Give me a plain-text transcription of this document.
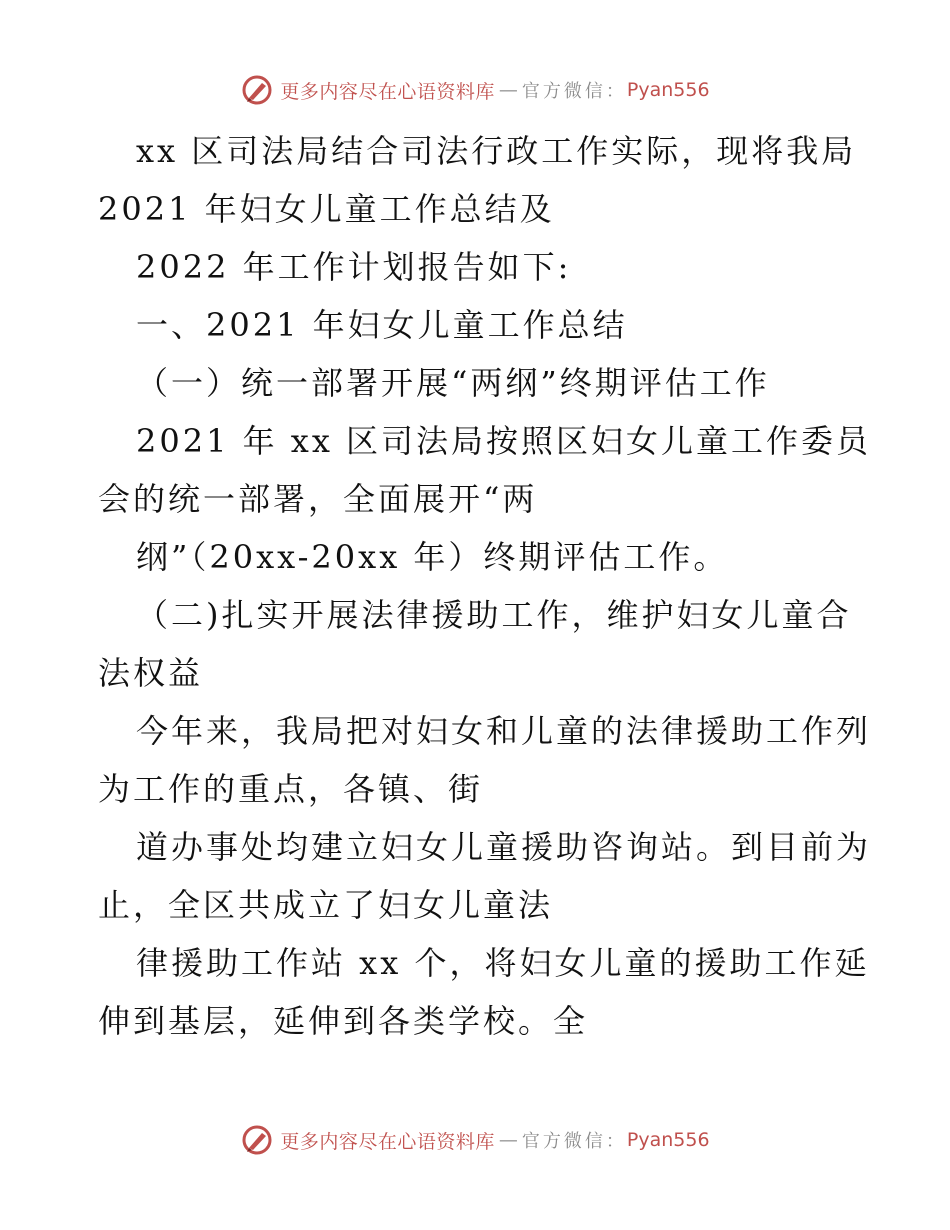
更多内容尽在心语资料库 — 官方微信： Pyan556
xx 区司法局结合司法行政工作实际，现将我局
2021 年妇女儿童工作总结及
2022 年工作计划报告如下:
一、2021 年妇女儿童工作总结
（一）统一部署开展“两纲”终期评估工作
2021 年 xx 区司法局按照区妇女儿童工作委员
会的统一部署，全面展开“两
纲”（20xx-20xx 年）终期评估工作。
（二)扎实开展法律援助工作，维护妇女儿童合
法权益
今年来，我局把对妇女和儿童的法律援助工作列
为工作的重点，各镇、街
道办事处均建立妇女儿童援助咨询站。到目前为
止，全区共成立了妇女儿童法
律援助工作站 xx 个，将妇女儿童的援助工作延
伸到基层，延伸到各类学校。全
更多内容尽在心语资料库 — 官方微信： Pyan556
